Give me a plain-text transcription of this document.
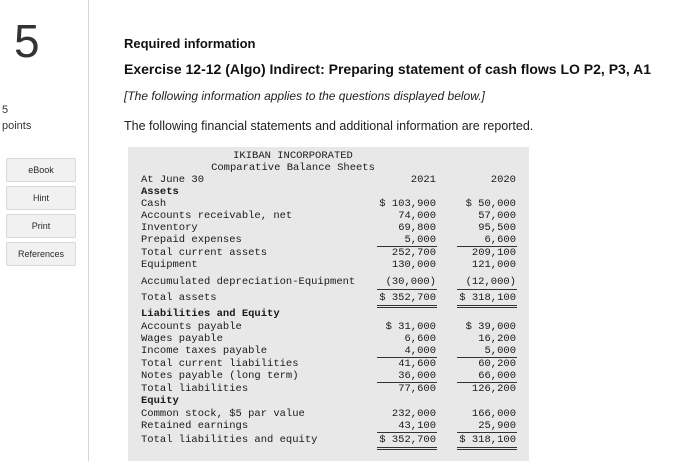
5
5
points
eBook
Hint
Print
References
Required information
Exercise 12-12 (Algo) Indirect: Preparing statement of cash flows LO P2, P3, A1
[The following information applies to the questions displayed below.]
The following financial statements and additional information are reported.
IKIBAN INCORPORATED
Comparative Balance Sheets
At June 30	2021	2020
Assets
Cash	$ 103,900	$ 50,000
Accounts receivable, net	74,000	57,000
Inventory	69,800	95,500
Prepaid expenses	5,000	6,600
Total current assets	252,700	209,100
Equipment	130,000	121,000
Accumulated depreciation-Equipment	(30,000)	(12,000)
Total assets	$ 352,700 $ 318,100
Liabilities and Equity
Accounts payable	$ 31,000	$ 39,000
Wages payable	6,600	16,200
Income taxes payable	4,000	5,000
Total current liabilities	41,600	60,200
Notes payable (long term)	36,000	66,000
Total liabilities	77,600	126,200
Equity
Common stock, $5 par value	232,000	166,000
Retained earnings	43,100	25,900
Total liabilities and equity	$ 352,700 $ 318,100
